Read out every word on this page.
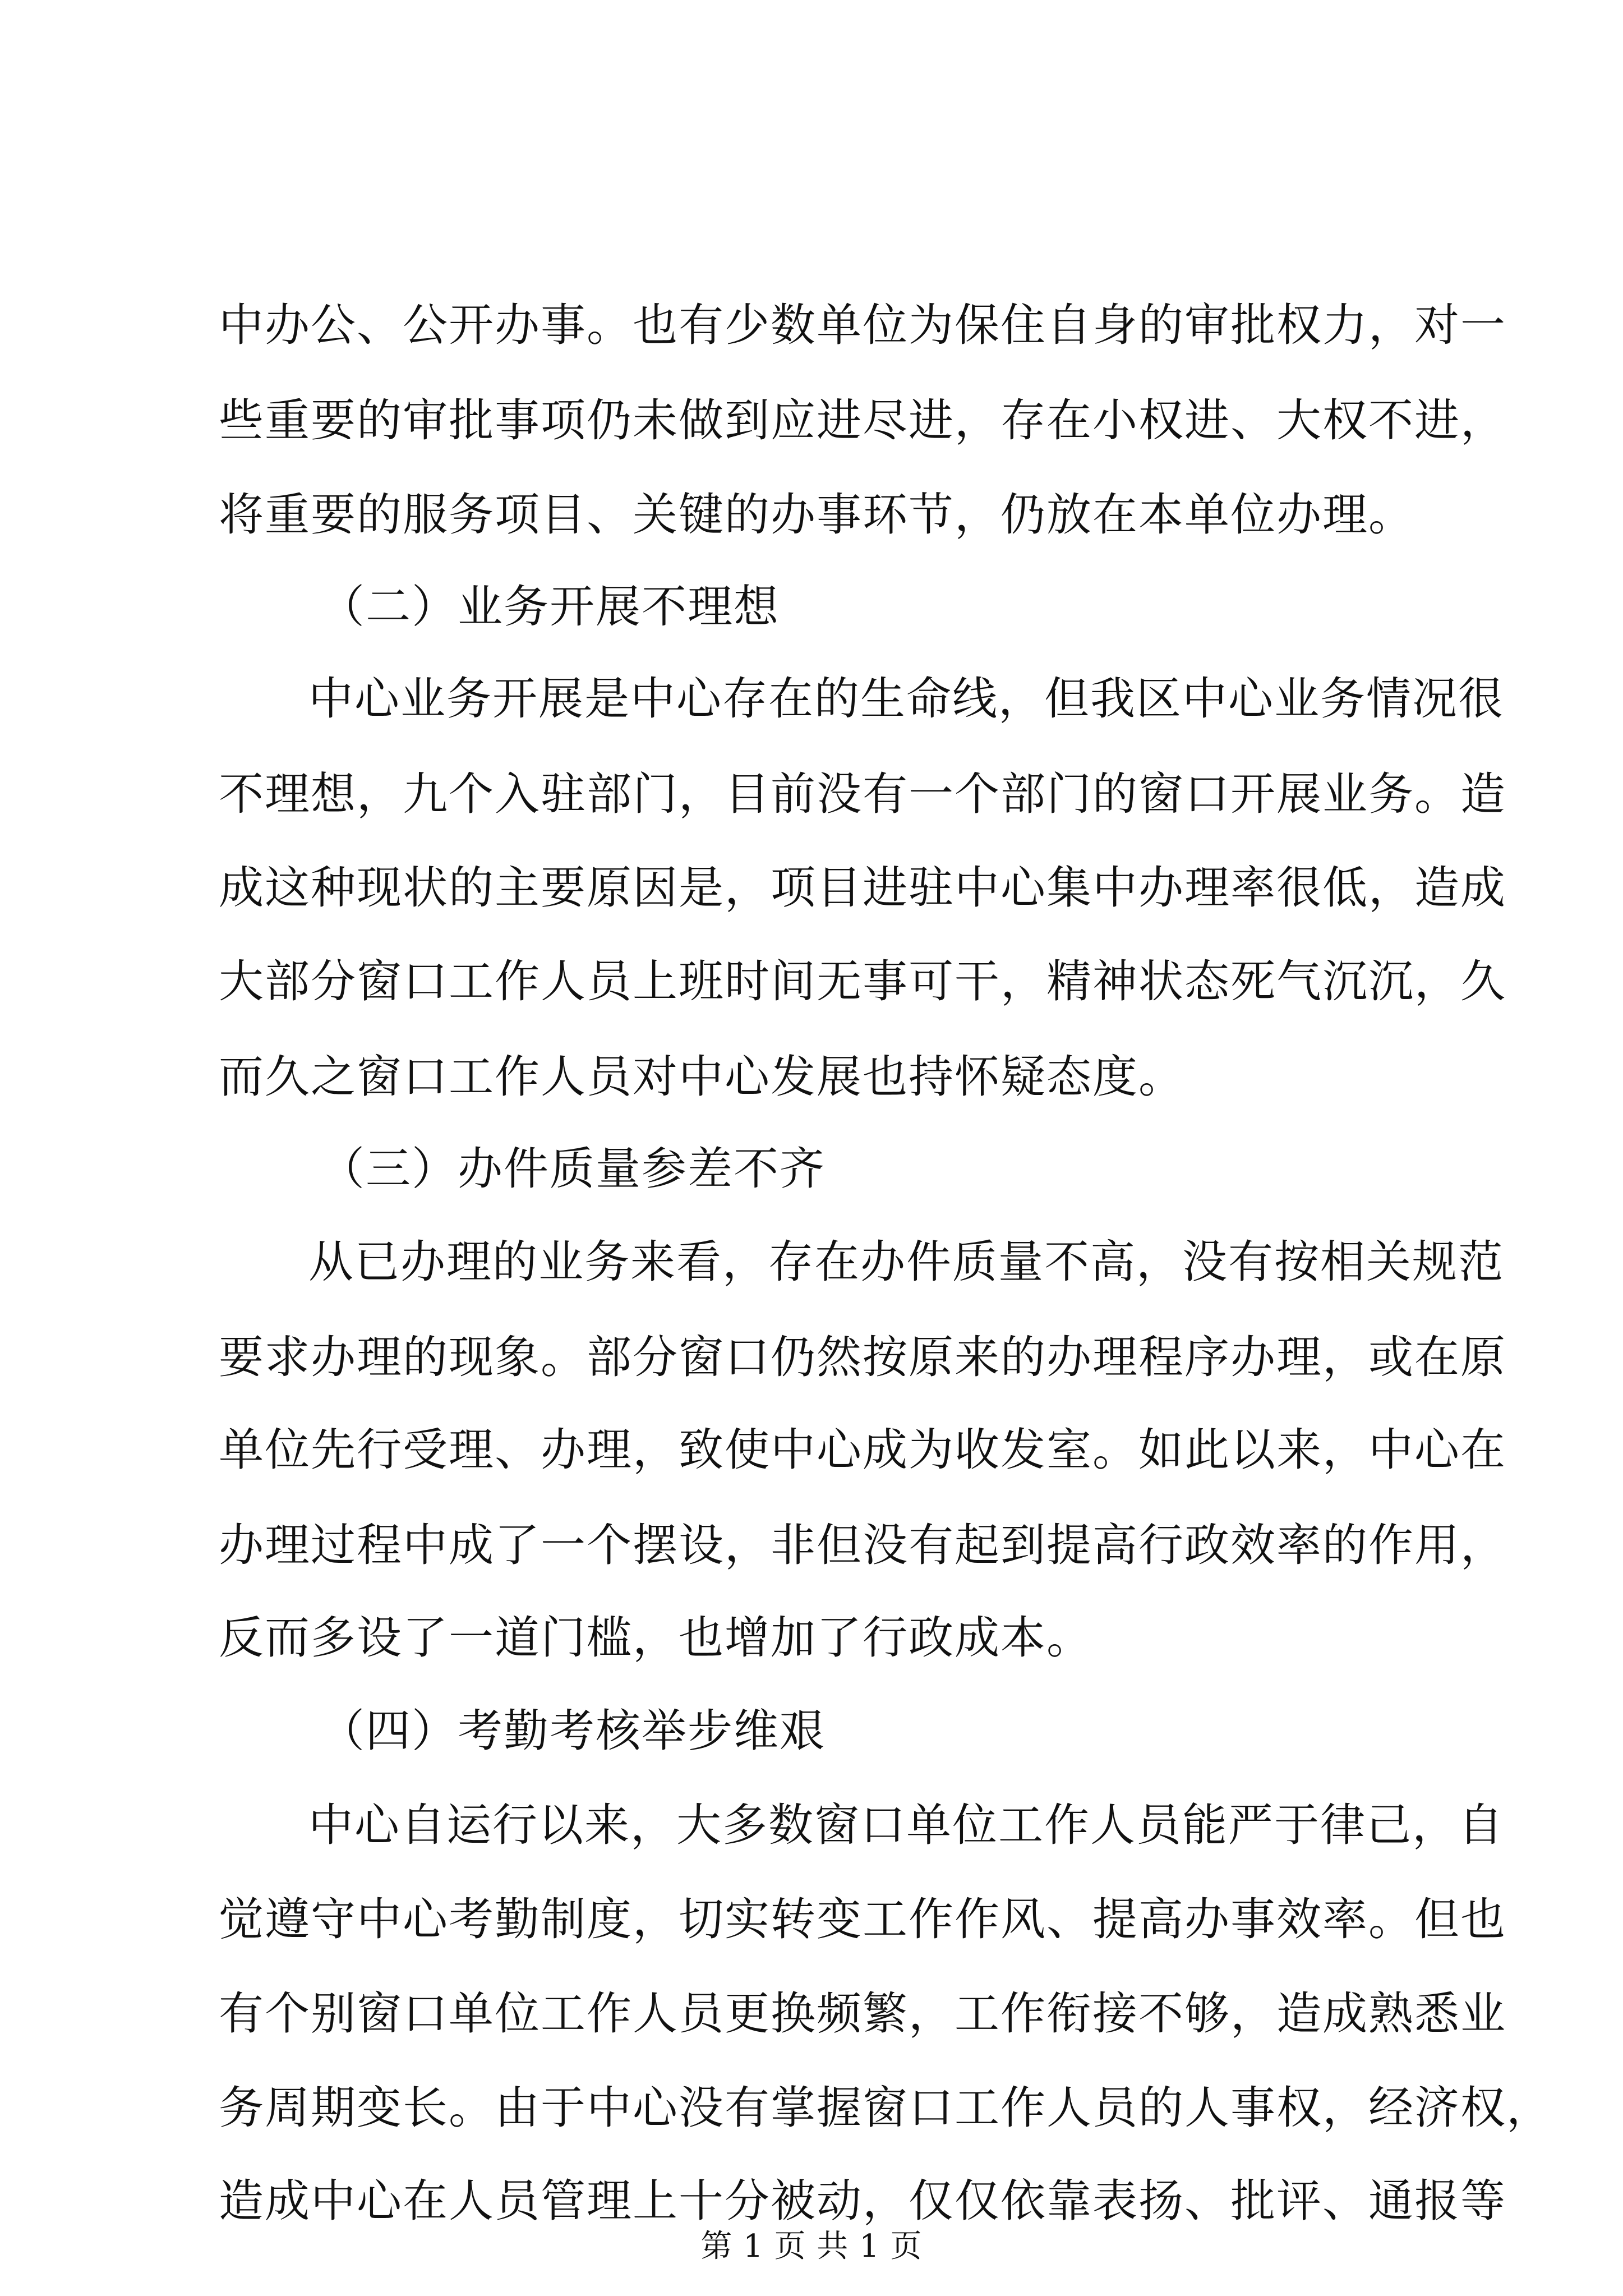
中办公、公开办事。也有少数单位为保住自身的审批权力，对一
些重要的审批事项仍未做到应进尽进，存在小权进、大权不进，
将重要的服务项目、关键的办事环节，仍放在本单位办理。
（二）业务开展不理想
中心业务开展是中心存在的生命线，但我区中心业务情况很
不理想，九个入驻部门，目前没有一个部门的窗口开展业务。造
成这种现状的主要原因是，项目进驻中心集中办理率很低，造成
大部分窗口工作人员上班时间无事可干，精神状态死气沉沉，久
而久之窗口工作人员对中心发展也持怀疑态度。
（三）办件质量参差不齐
从已办理的业务来看，存在办件质量不高，没有按相关规范
要求办理的现象。部分窗口仍然按原来的办理程序办理，或在原
单位先行受理、办理，致使中心成为收发室。如此以来，中心在
办理过程中成了一个摆设，非但没有起到提高行政效率的作用，
反而多设了一道门槛，也增加了行政成本。
（四）考勤考核举步维艰
中心自运行以来，大多数窗口单位工作人员能严于律己，自
觉遵守中心考勤制度，切实转变工作作风、提高办事效率。但也
有个别窗口单位工作人员更换频繁，工作衔接不够，造成熟悉业
务周期变长。由于中心没有掌握窗口工作人员的人事权，经济权，
造成中心在人员管理上十分被动，仅仅依靠表扬、批评、通报等
第 1 页 共 1 页
